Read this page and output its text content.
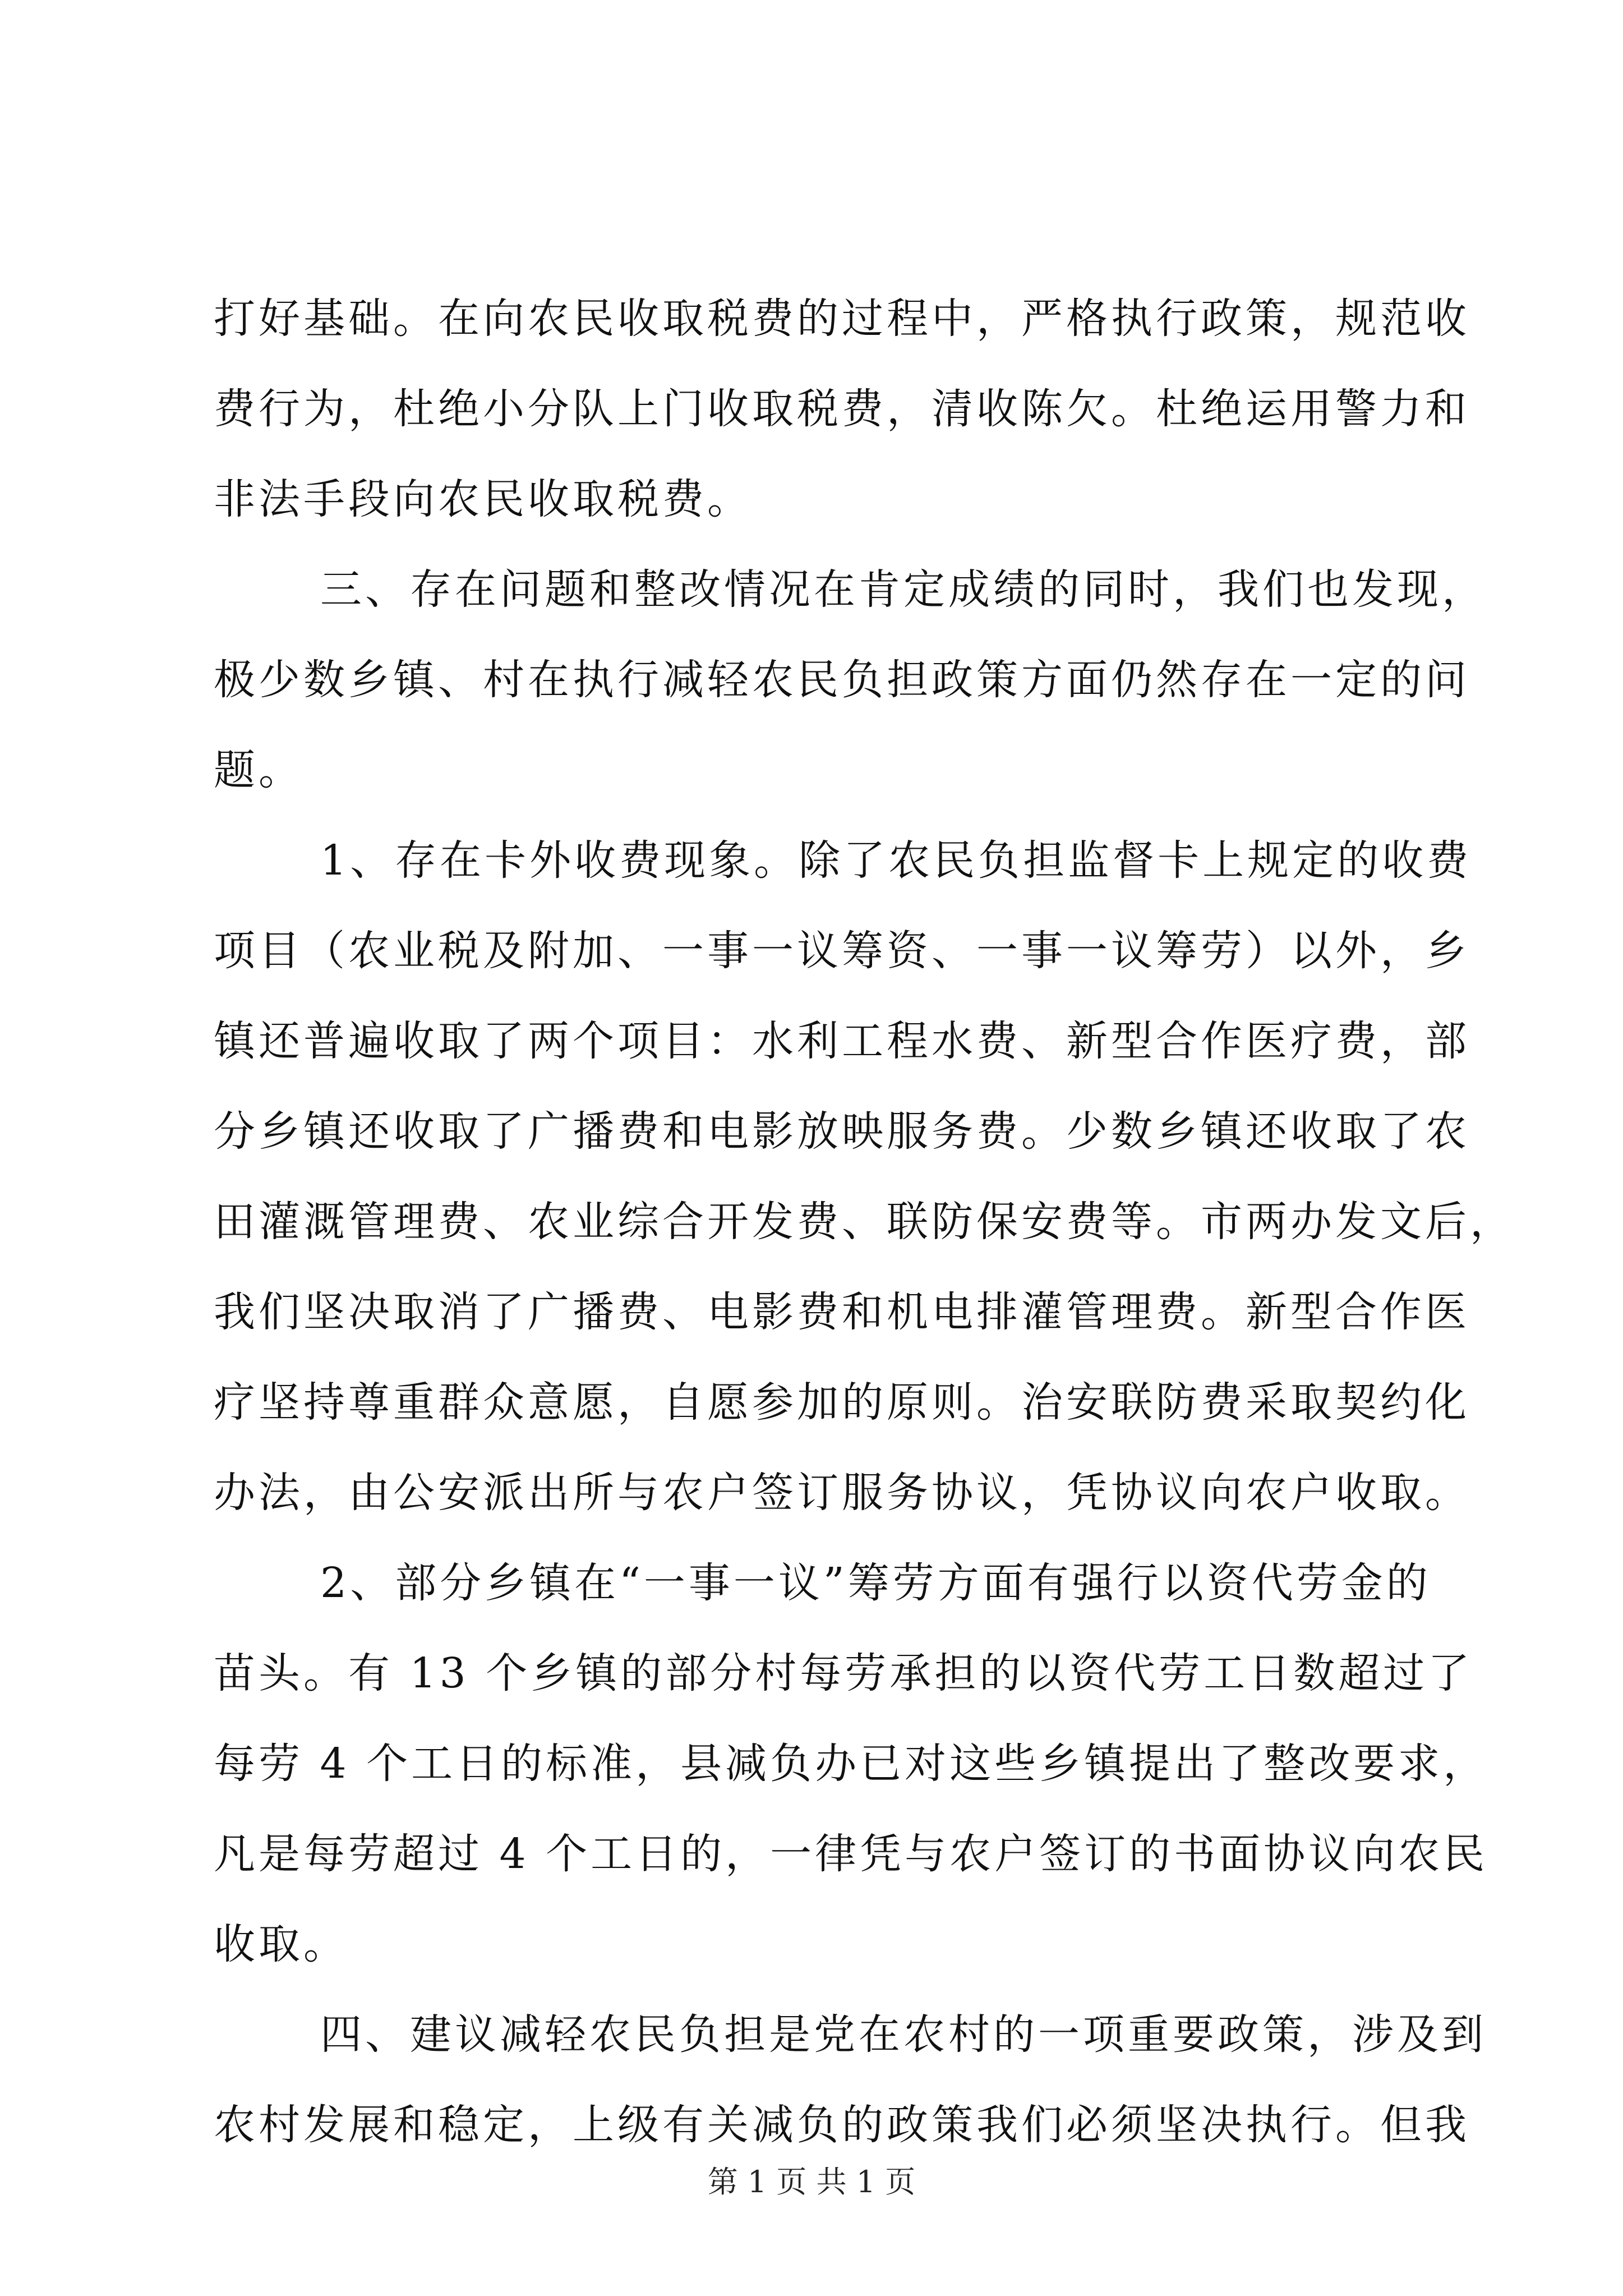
打好基础。在向农民收取税费的过程中，严格执行政策，规范收
费行为，杜绝小分队上门收取税费，清收陈欠。杜绝运用警力和
非法手段向农民收取税费。
三、存在问题和整改情况在肯定成绩的同时，我们也发现，
极少数乡镇、村在执行减轻农民负担政策方面仍然存在一定的问
题。
1、存在卡外收费现象。除了农民负担监督卡上规定的收费
项目（农业税及附加、一事一议筹资、一事一议筹劳）以外，乡
镇还普遍收取了两个项目：水利工程水费、新型合作医疗费，部
分乡镇还收取了广播费和电影放映服务费。少数乡镇还收取了农
田灌溉管理费、农业综合开发费、联防保安费等。市两办发文后，
我们坚决取消了广播费、电影费和机电排灌管理费。新型合作医
疗坚持尊重群众意愿，自愿参加的原则。治安联防费采取契约化
办法，由公安派出所与农户签订服务协议，凭协议向农户收取。
2、部分乡镇在“一事一议”筹劳方面有强行以资代劳金的
苗头。有 13 个乡镇的部分村每劳承担的以资代劳工日数超过了
每劳 4 个工日的标准，县减负办已对这些乡镇提出了整改要求，
凡是每劳超过 4 个工日的，一律凭与农户签订的书面协议向农民
收取。
四、建议减轻农民负担是党在农村的一项重要政策，涉及到
农村发展和稳定，上级有关减负的政策我们必须坚决执行。但我
第 1 页 共 1 页
